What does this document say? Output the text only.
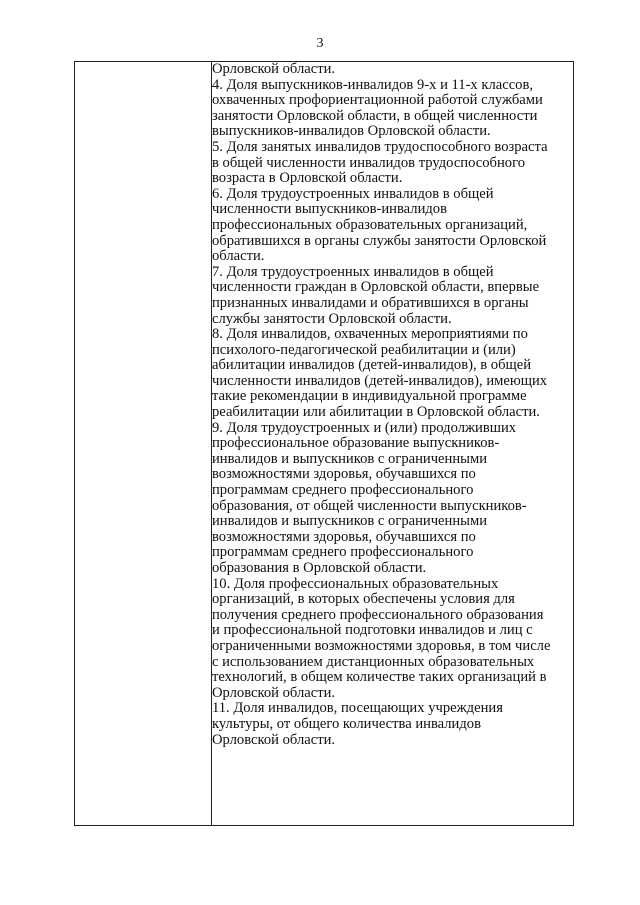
3

Орловской области.

4. Доля выпускников-инвалидов 9-х и 11-х классов,

охваченных профориентационной работой службами

занятости Орловской области, в общей численности

выпускников-инвалидов Орловской области.

5. Доля занятых инвалидов трудоспособного возраста

в общей численности инвалидов трудоспособного

возраста в Орловской области.

6. Доля трудоустроенных инвалидов в общей

численности выпускников-инвалидов

профессиональных образовательных организаций,

обратившихся в органы службы занятости Орловской

области.

7. Доля трудоустроенных инвалидов в общей

численности граждан в Орловской области, впервые

признанных инвалидами и обратившихся в органы

службы занятости Орловской области.

8. Доля инвалидов, охваченных мероприятиями по

психолого-педагогической реабилитации и (или)

абилитации инвалидов (детей-инвалидов), в общей

численности инвалидов (детей-инвалидов), имеющих

такие рекомендации в индивидуальной программе

реабилитации или абилитации в Орловской области.

9. Доля трудоустроенных и (или) продолживших

профессиональное образование выпускников-

инвалидов и выпускников с ограниченными

возможностями здоровья, обучавшихся по

программам среднего профессионального

образования, от общей численности выпускников-

инвалидов и выпускников с ограниченными

возможностями здоровья, обучавшихся по

программам среднего профессионального

образования в Орловской области.

10. Доля профессиональных образовательных

организаций, в которых обеспечены условия для

получения среднего профессионального образования

и профессиональной подготовки инвалидов и лиц с

ограниченными возможностями здоровья, в том числе

с использованием дистанционных образовательных

технологий, в общем количестве таких организаций в

Орловской области.

11. Доля инвалидов, посещающих учреждения

культуры, от общего количества инвалидов

Орловской области.
